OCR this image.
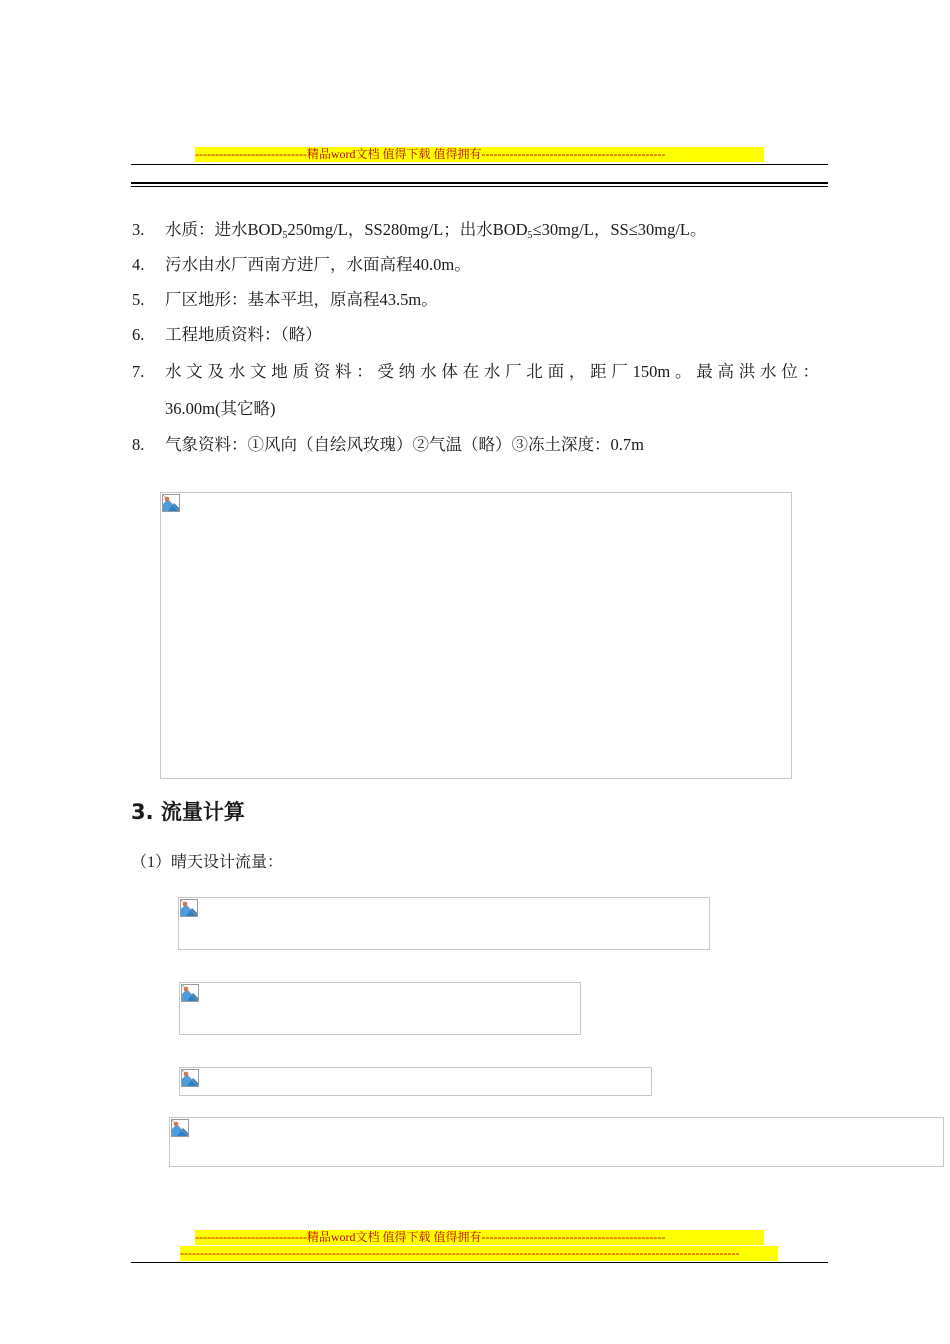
----------------------------精品word文档 值得下载 值得拥有----------------------------------------------
3. 水质：进水$BOD_5250mg/L$，SS280mg/L；出水$BOD_5\le 30mg/L$，SS≤30mg/L。
4. 污水由水厂西南方进厂，水面高程40.0m。
5. 厂区地形：基本平坦，原高程43.5m。
6. 工程地质资料：（略）
7.	水文及水文地质资料：受纳水体在水厂北面，距厂150m。最高洪水位：
36.00m(其它略)
8. 气象资料：①风向（自绘风玫瑰）②气温（略）③冻土深度：0.7m
3. 流量计算
（1）晴天设计流量：
----------------------------精品word文档 值得下载 值得拥有----------------------------------------------
--------------------------------------------------------------------------------------------------------------------------------------------
